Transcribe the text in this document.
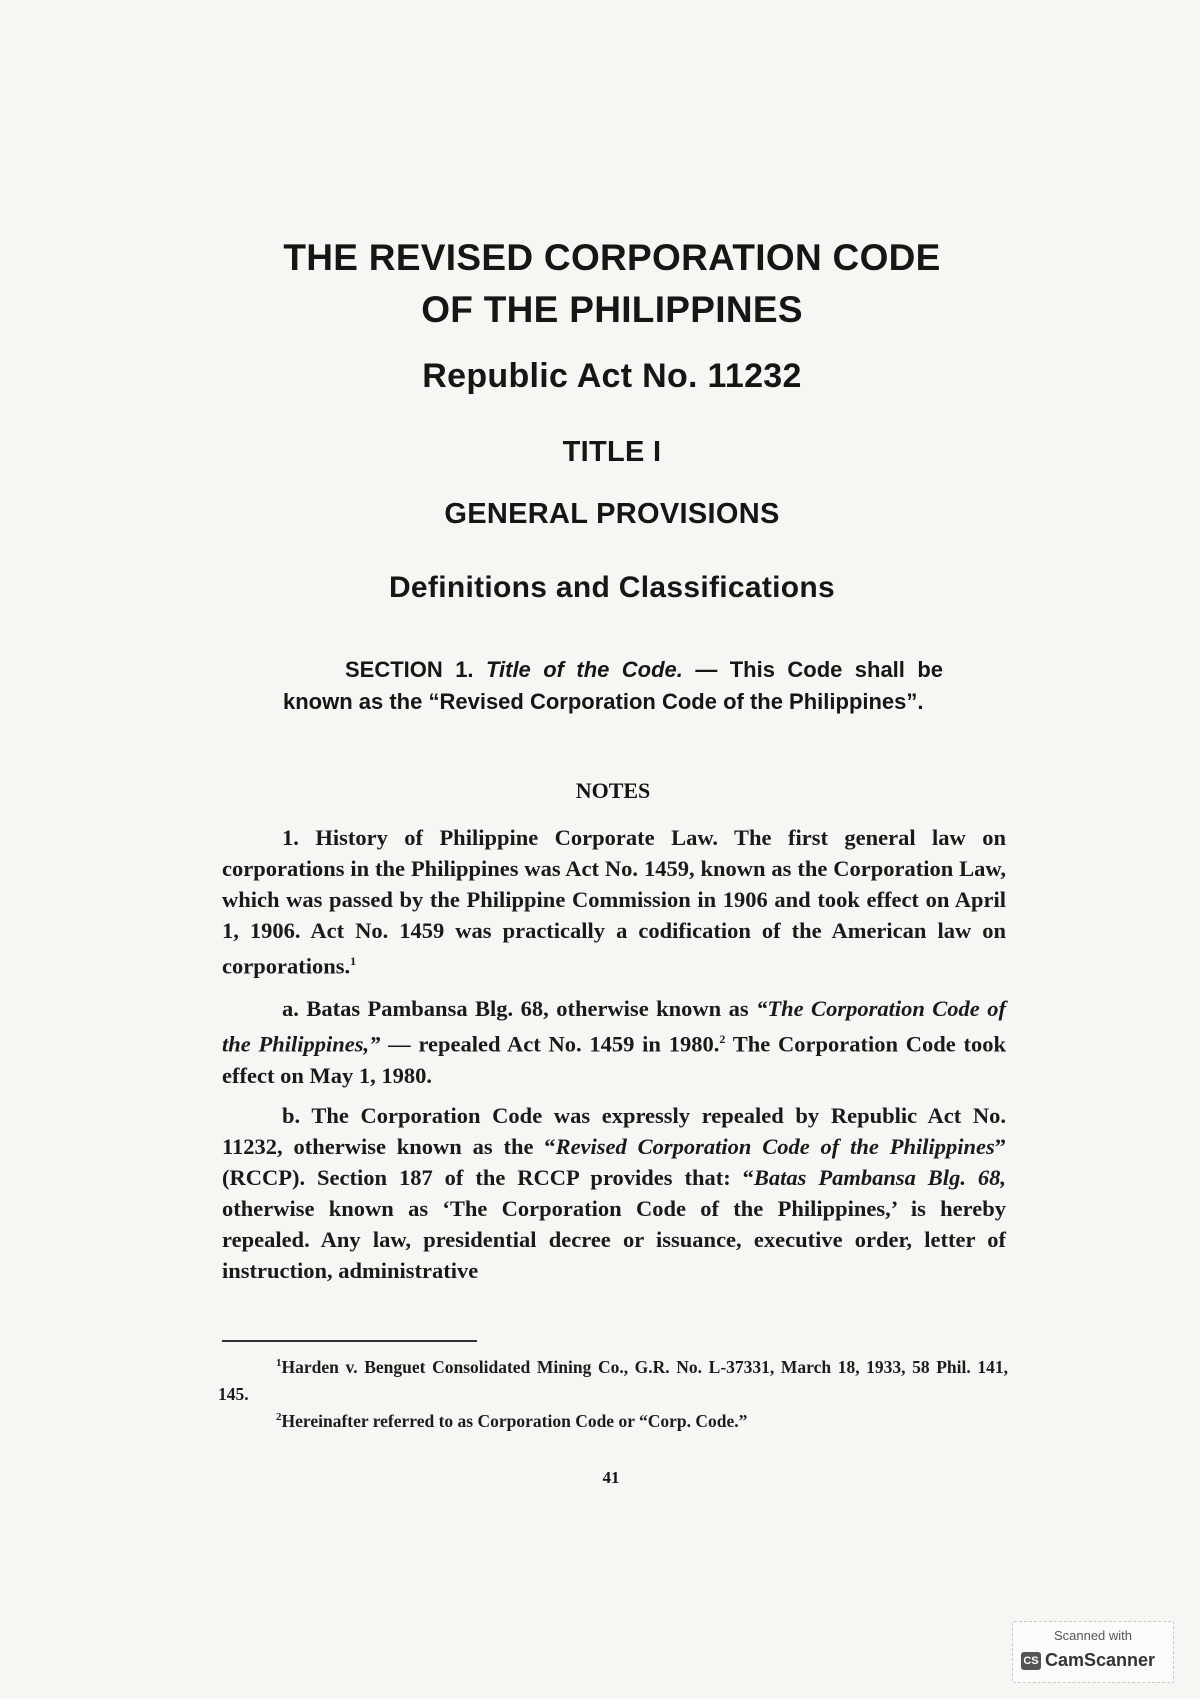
THE REVISED CORPORATION CODE
OF THE PHILIPPINES
Republic Act No. 11232
TITLE I
GENERAL PROVISIONS
Definitions and Classifications
SECTION 1. Title of the Code. — This Code shall be known as the “Revised Corporation Code of the Philippines”.
NOTES
1. History of Philippine Corporate Law. The first general law on corporations in the Philippines was Act No. 1459, known as the Corporation Law, which was passed by the Philippine Commission in 1906 and took effect on April 1, 1906. Act No. 1459 was practically a codification of the American law on corporations.$^1$
a. Batas Pambansa Blg. 68, otherwise known as “The Corporation Code of the Philippines,” — repealed Act No. 1459 in 1980.$^2$ The Corporation Code took effect on May 1, 1980.
b. The Corporation Code was expressly repealed by Republic Act No. 11232, otherwise known as the “Revised Corporation Code of the Philippines” (RCCP). Section 187 of the RCCP provides that: “Batas Pambansa Blg. 68, otherwise known as ‘The Corporation Code of the Philippines,’ is hereby repealed. Any law, presidential decree or issuance, executive order, letter of instruction, administrative
$^1$Harden v. Benguet Consolidated Mining Co., G.R. No. L-37331, March 18, 1933, 58 Phil. 141, 145.
$^2$Hereinafter referred to as Corporation Code or “Corp. Code.”
41
Scanned with
CS CamScanner
